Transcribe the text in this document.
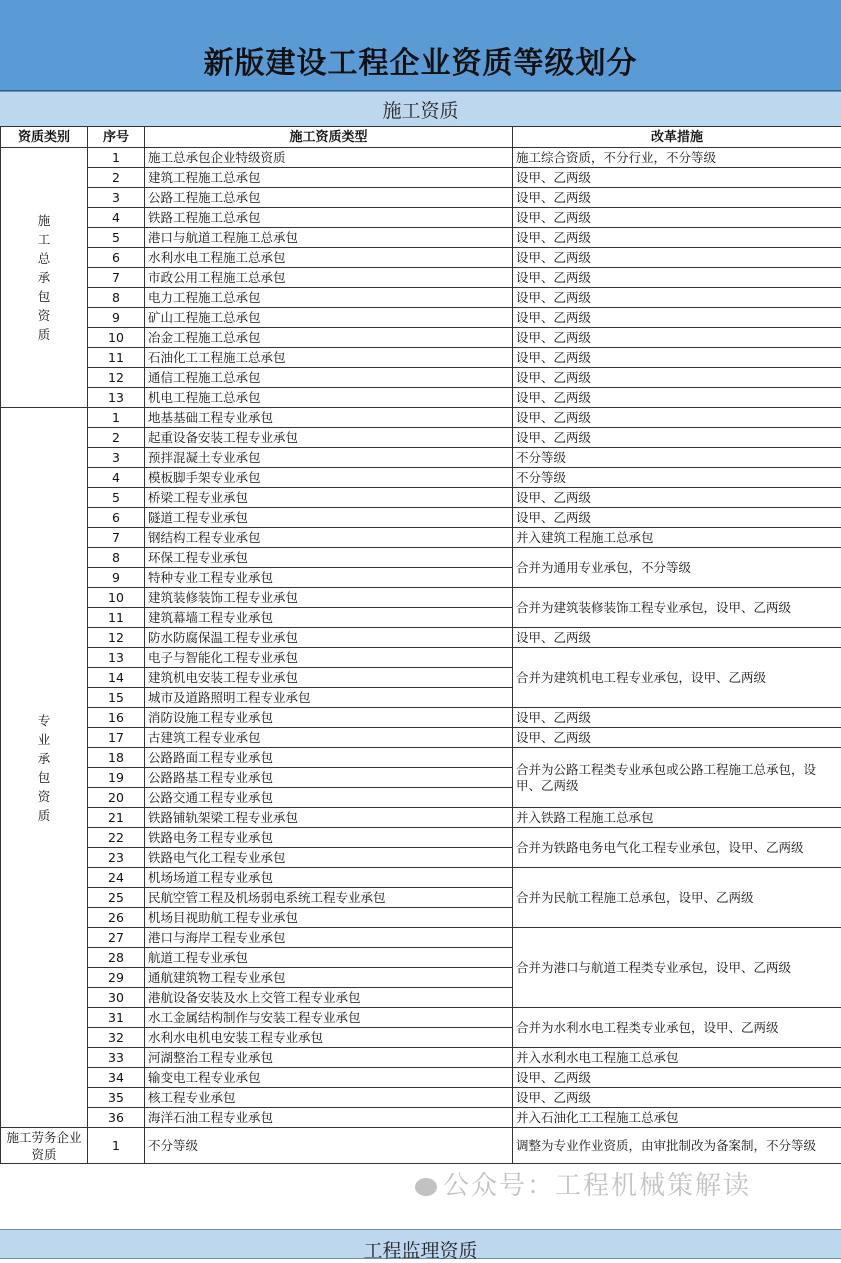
新版建设工程企业资质等级划分
施工资质
资质类别	序号	施工资质类型	改革措施
施工总承包资质	1	施工总承包企业特级资质	施工综合资质，不分行业，不分等级
	2	建筑工程施工总承包	设甲、乙两级
	3	公路工程施工总承包	设甲、乙两级
	4	铁路工程施工总承包	设甲、乙两级
	5	港口与航道工程施工总承包	设甲、乙两级
	6	水利水电工程施工总承包	设甲、乙两级
	7	市政公用工程施工总承包	设甲、乙两级
	8	电力工程施工总承包	设甲、乙两级
	9	矿山工程施工总承包	设甲、乙两级
	10	冶金工程施工总承包	设甲、乙两级
	11	石油化工工程施工总承包	设甲、乙两级
	12	通信工程施工总承包	设甲、乙两级
	13	机电工程施工总承包	设甲、乙两级
专业承包资质	1	地基基础工程专业承包	设甲、乙两级
	2	起重设备安装工程专业承包	设甲、乙两级
	3	预拌混凝土专业承包	不分等级
	4	模板脚手架专业承包	不分等级
	5	桥梁工程专业承包	设甲、乙两级
	6	隧道工程专业承包	设甲、乙两级
	7	钢结构工程专业承包	并入建筑工程施工总承包
	8	环保工程专业承包	合并为通用专业承包，不分等级
	9	特种专业工程专业承包	
	10	建筑装修装饰工程专业承包	合并为建筑装修装饰工程专业承包，设甲、乙两级
	11	建筑幕墙工程专业承包	
	12	防水防腐保温工程专业承包	设甲、乙两级
	13	电子与智能化工程专业承包	合并为建筑机电工程专业承包，设甲、乙两级
	14	建筑机电安装工程专业承包	
	15	城市及道路照明工程专业承包	
	16	消防设施工程专业承包	设甲、乙两级
	17	古建筑工程专业承包	设甲、乙两级
	18	公路路面工程专业承包	合并为公路工程类专业承包或公路工程施工总承包，设甲、乙两级
	19	公路路基工程专业承包	
	20	公路交通工程专业承包	
	21	铁路铺轨架梁工程专业承包	并入铁路工程施工总承包
	22	铁路电务工程专业承包	合并为铁路电务电气化工程专业承包，设甲、乙两级
	23	铁路电气化工程专业承包	
	24	机场场道工程专业承包	合并为民航工程施工总承包，设甲、乙两级
	25	民航空管工程及机场弱电系统工程专业承包	
	26	机场目视助航工程专业承包	
	27	港口与海岸工程专业承包	合并为港口与航道工程类专业承包，设甲、乙两级
	28	航道工程专业承包	
	29	通航建筑物工程专业承包	
	30	港航设备安装及水上交管工程专业承包	
	31	水工金属结构制作与安装工程专业承包	合并为水利水电工程类专业承包，设甲、乙两级
	32	水利水电机电安装工程专业承包	
	33	河湖整治工程专业承包	并入水利水电工程施工总承包
	34	输变电工程专业承包	设甲、乙两级
	35	核工程专业承包	设甲、乙两级
	36	海洋石油工程专业承包	并入石油化工工程施工总承包
施工劳务企业资质	1	不分等级	调整为专业作业资质，由审批制改为备案制，不分等级
公众号：工程机械策解读
工程监理资质
